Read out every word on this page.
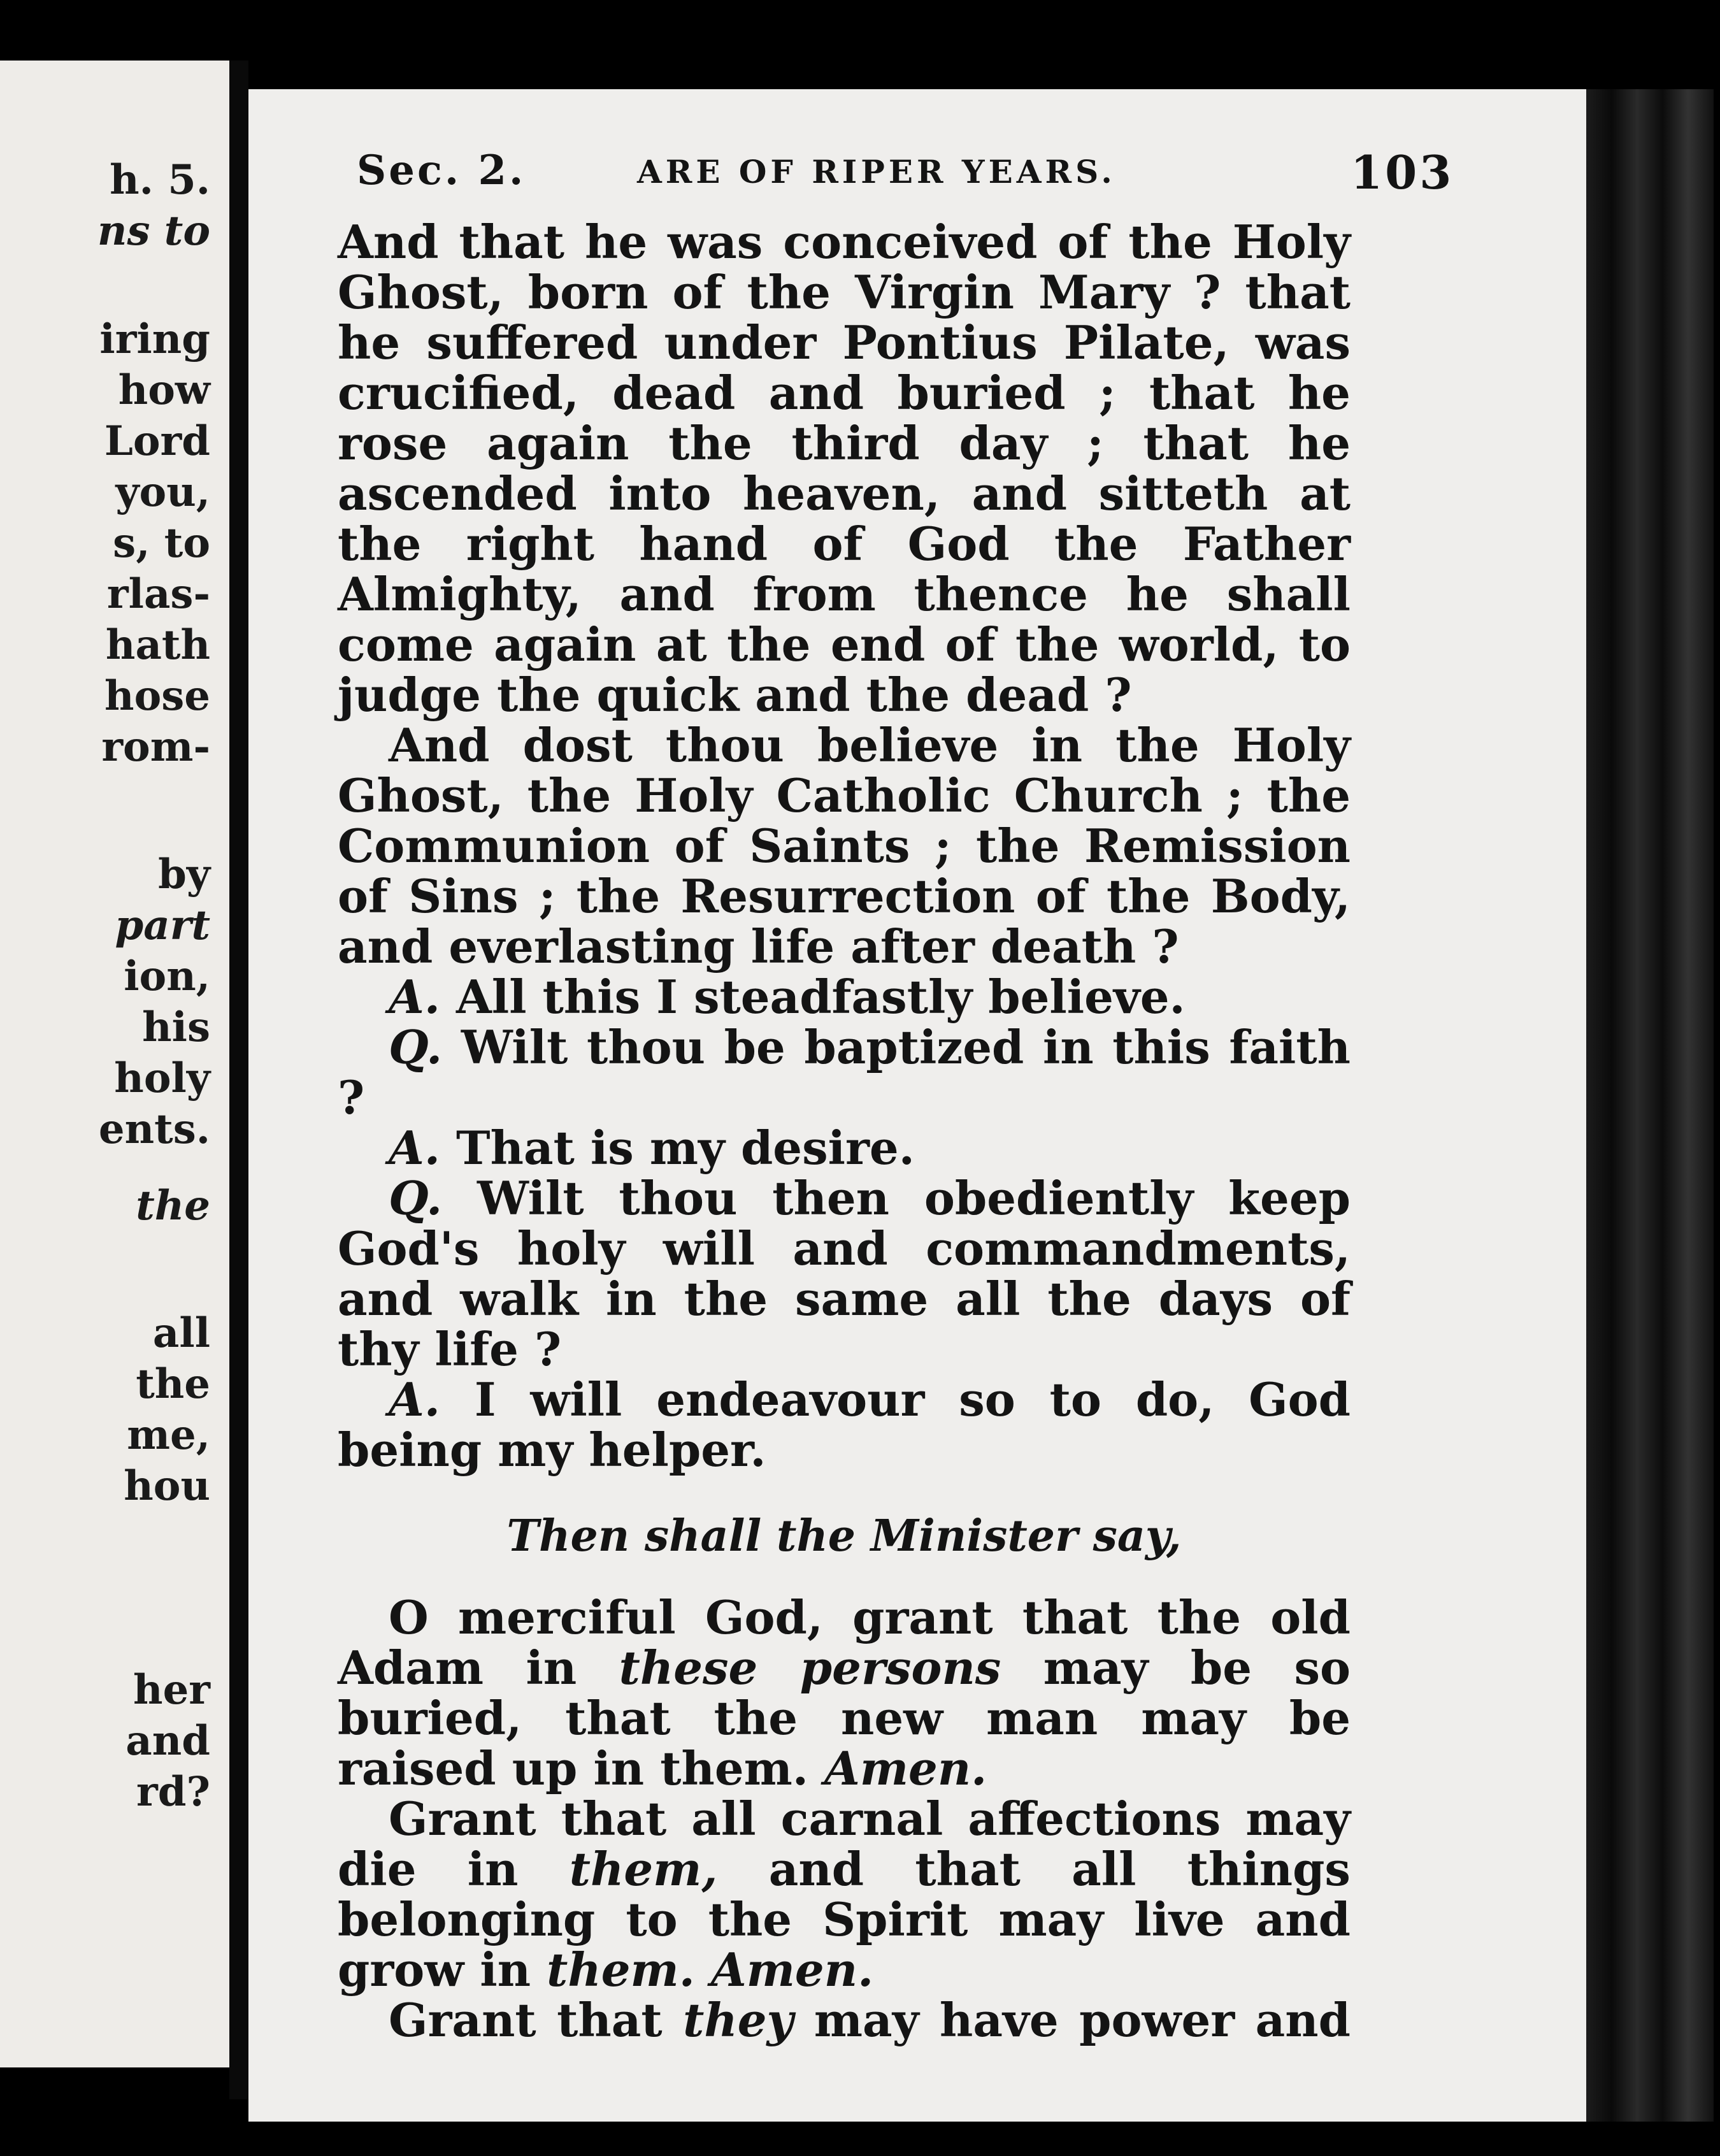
h. 5.
ns to
iring
how
Lord
you,
s, to
rlas-
hath
hose
rom-
by
part
ion,
his
holy
ents.
the
all
the
me,
hou
her
and
rd?
Sec. 2.	ARE OF RIPER YEARS.	103

And that he was conceived of the Holy Ghost, born of the Virgin Mary ? that he suffered under Pontius Pilate, was crucified, dead and buried ; that he rose again the third day ; that he ascended into heaven, and sitteth at the right hand of God the Father Almighty, and from thence he shall come again at the end of the world, to judge the quick and the dead ?

And dost thou believe in the Holy Ghost, the Holy Catholic Church ; the Communion of Saints ; the Remission of Sins ; the Resurrection of the Body, and everlasting life after death ?

A. All this I steadfastly believe.

Q. Wilt thou be baptized in this faith ?

A. That is my desire.

Q. Wilt thou then obediently keep God's holy will and commandments, and walk in the same all the days of thy life ?

A. I will endeavour so to do, God being my helper.

Then shall the Minister say,

O merciful God, grant that the old Adam in these persons may be so buried, that the new man may be raised up in them. Amen.

Grant that all carnal affections may die in them, and that all things belonging to the Spirit may live and grow in them. Amen.

Grant that they may have power and
